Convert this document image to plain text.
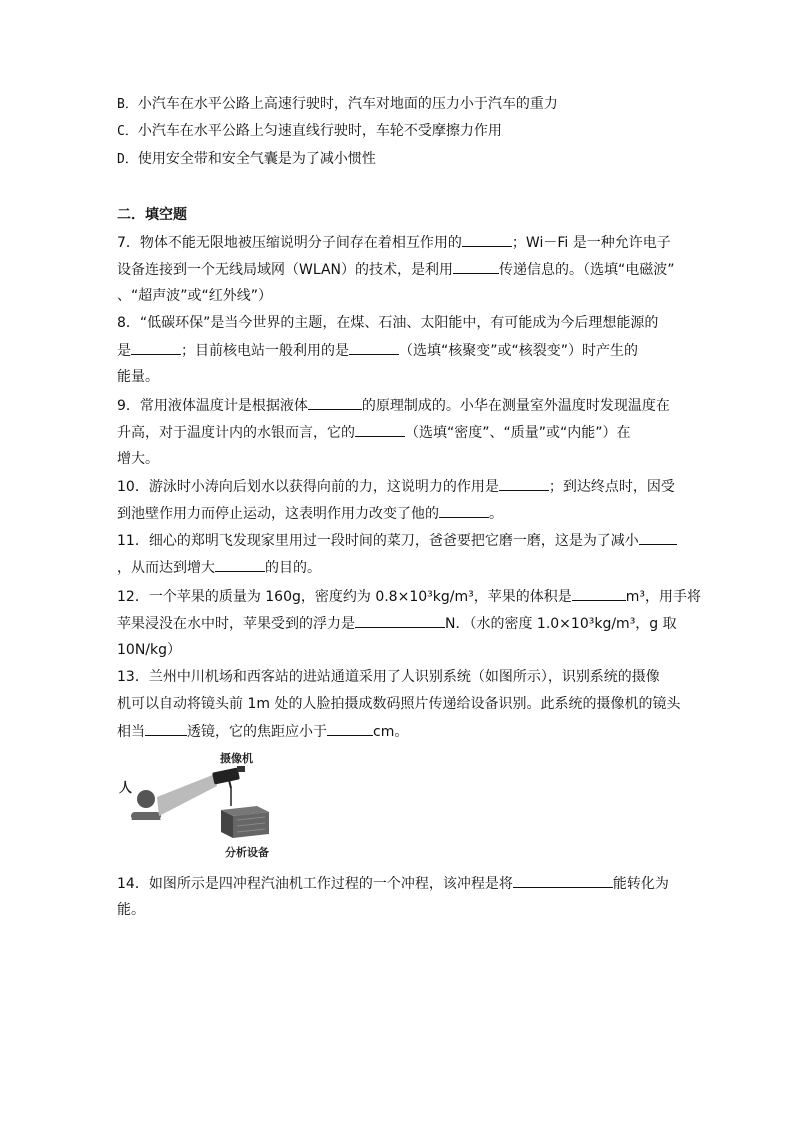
B．小汽车在水平公路上高速行驶时，汽车对地面的压力小于汽车的重力
C．小汽车在水平公路上匀速直线行驶时，车轮不受摩擦力作用
D．使用安全带和安全气囊是为了减小惯性
二．填空题
7．物体不能无限地被压缩说明分子间存在着相互作用的	；Wi－Fi 是一种允许电子
设备连接到一个无线局域网（WLAN）的技术，是利用	传递信息的。（选填“电磁波”
、“超声波”或“红外线”）
8．“低碳环保”是当今世界的主题，在煤、石油、太阳能中，有可能成为今后理想能源的
是	；目前核电站一般利用的是	（选填“核聚变”或“核裂变”）时产生的
能量。
9．常用液体温度计是根据液体	的原理制成的。小华在测量室外温度时发现温度在
升高，对于温度计内的水银而言，它的	（选填“密度”、“质量”或“内能”）在
增大。
10．游泳时小涛向后划水以获得向前的力，这说明力的作用是	；到达终点时，因受
到池壁作用力而停止运动，这表明作用力改变了他的	。
11．细心的郑明飞发现家里用过一段时间的菜刀，爸爸要把它磨一磨，这是为了减小
，从而达到增大	的目的。
12．一个苹果的质量为 160g，密度约为 0.8×10³kg/m³，苹果的体积是	m³，用手将
苹果浸没在水中时，苹果受到的浮力是	N．（水的密度 1.0×10³kg/m³，g 取
10N/kg）
13．兰州中川机场和西客站的进站通道采用了人识别系统（如图所示），识别系统的摄像
机可以自动将镜头前 1m 处的人脸拍摄成数码照片传递给设备识别。此系统的摄像机的镜头
相当	透镜，它的焦距应小于	cm。
摄像机
人
分析设备
14．如图所示是四冲程汽油机工作过程的一个冲程，该冲程是将	能转化为
能。
